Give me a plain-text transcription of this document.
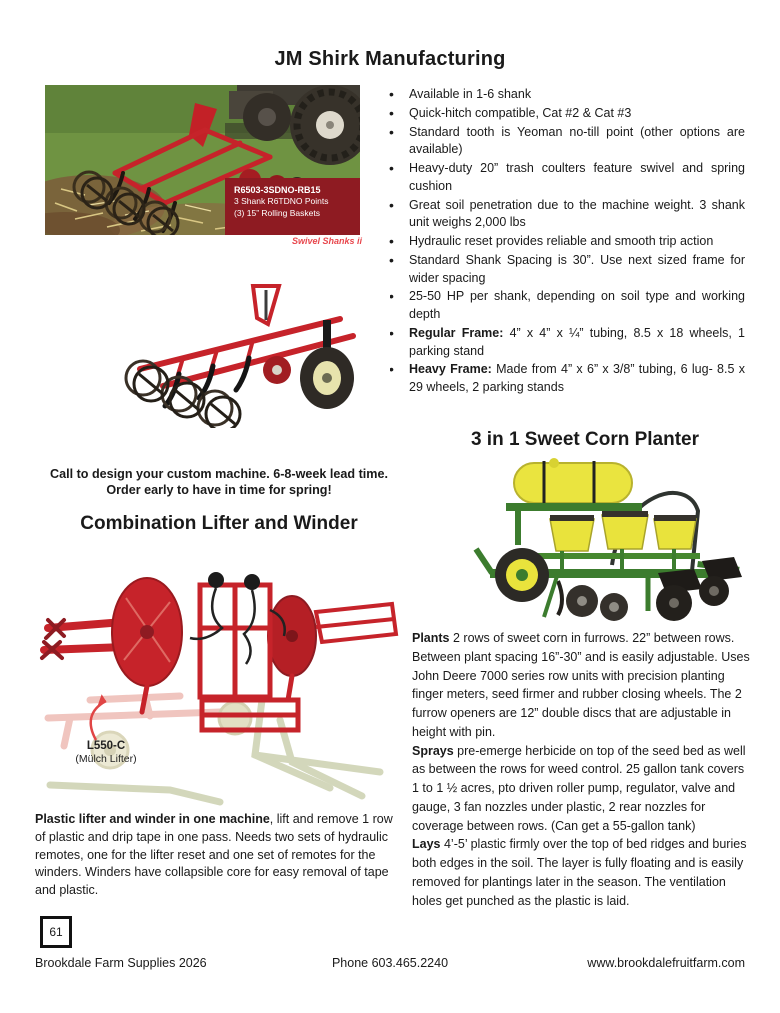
JM Shirk Manufacturing
R6503-3SDNO-RB15
3 Shank R6TDNO Points
(3) 15” Rolling Baskets
Swivel Shanks ii
• Available in 1-6 shank
• Quick-hitch compatible, Cat #2 & Cat #3
• Standard tooth is Yeoman no-till point (other options are available)
• Heavy-duty 20” trash coulters feature swivel and spring cushion
• Great soil penetration due to the machine weight. 3 shank unit weighs 2,000 lbs
• Hydraulic reset provides reliable and smooth trip action
• Standard Shank Spacing is 30”. Use next sized frame for wider spacing
• 25-50 HP per shank, depending on soil type and working depth
• Regular Frame: 4” x 4” x ¼” tubing, 8.5 x 18 wheels, 1 parking stand
• Heavy Frame: Made from 4” x 6” x 3/8” tubing, 6 lug- 8.5 x 29 wheels, 2 parking stands
Call to design your custom machine. 6-8-week lead time.
Order early to have in time for spring!
Combination Lifter and Winder
L550-C
(Mülch Lifter)
Plastic lifter and winder in one machine, lift and remove 1 row of plastic and drip tape in one pass. Needs two sets of hydraulic remotes, one for the lifter reset and one set of remotes for the winders. Winders have collapsible core for easy removal of tape and plastic.
3 in 1 Sweet Corn Planter

Plants 2 rows of sweet corn in furrows. 22” between rows. Between plant spacing 16”-30” and is easily adjustable. Uses John Deere 7000 series row units with precision planting finger meters, seed firmer and rubber closing wheels. The 2 furrow openers are 12” double discs that are adjustable in height with pin.

Sprays pre-emerge herbicide on top of the seed bed as well as between the rows for weed control. 25 gallon tank covers 1 to 1 ½ acres, pto driven roller pump, regulator, valve and gauge, 3 fan nozzles under plastic, 2 rear nozzles for coverage between rows. (Can get a 55-gallon tank)

Lays 4’-5’ plastic firmly over the top of bed ridges and buries both edges in the soil. The layer is fully floating and is easily removed for plantings later in the season. The ventilation holes get punched as the plastic is laid.

61
Brookdale Farm Supplies 2026	Phone 603.465.2240	www.brookdalefruitfarm.com
